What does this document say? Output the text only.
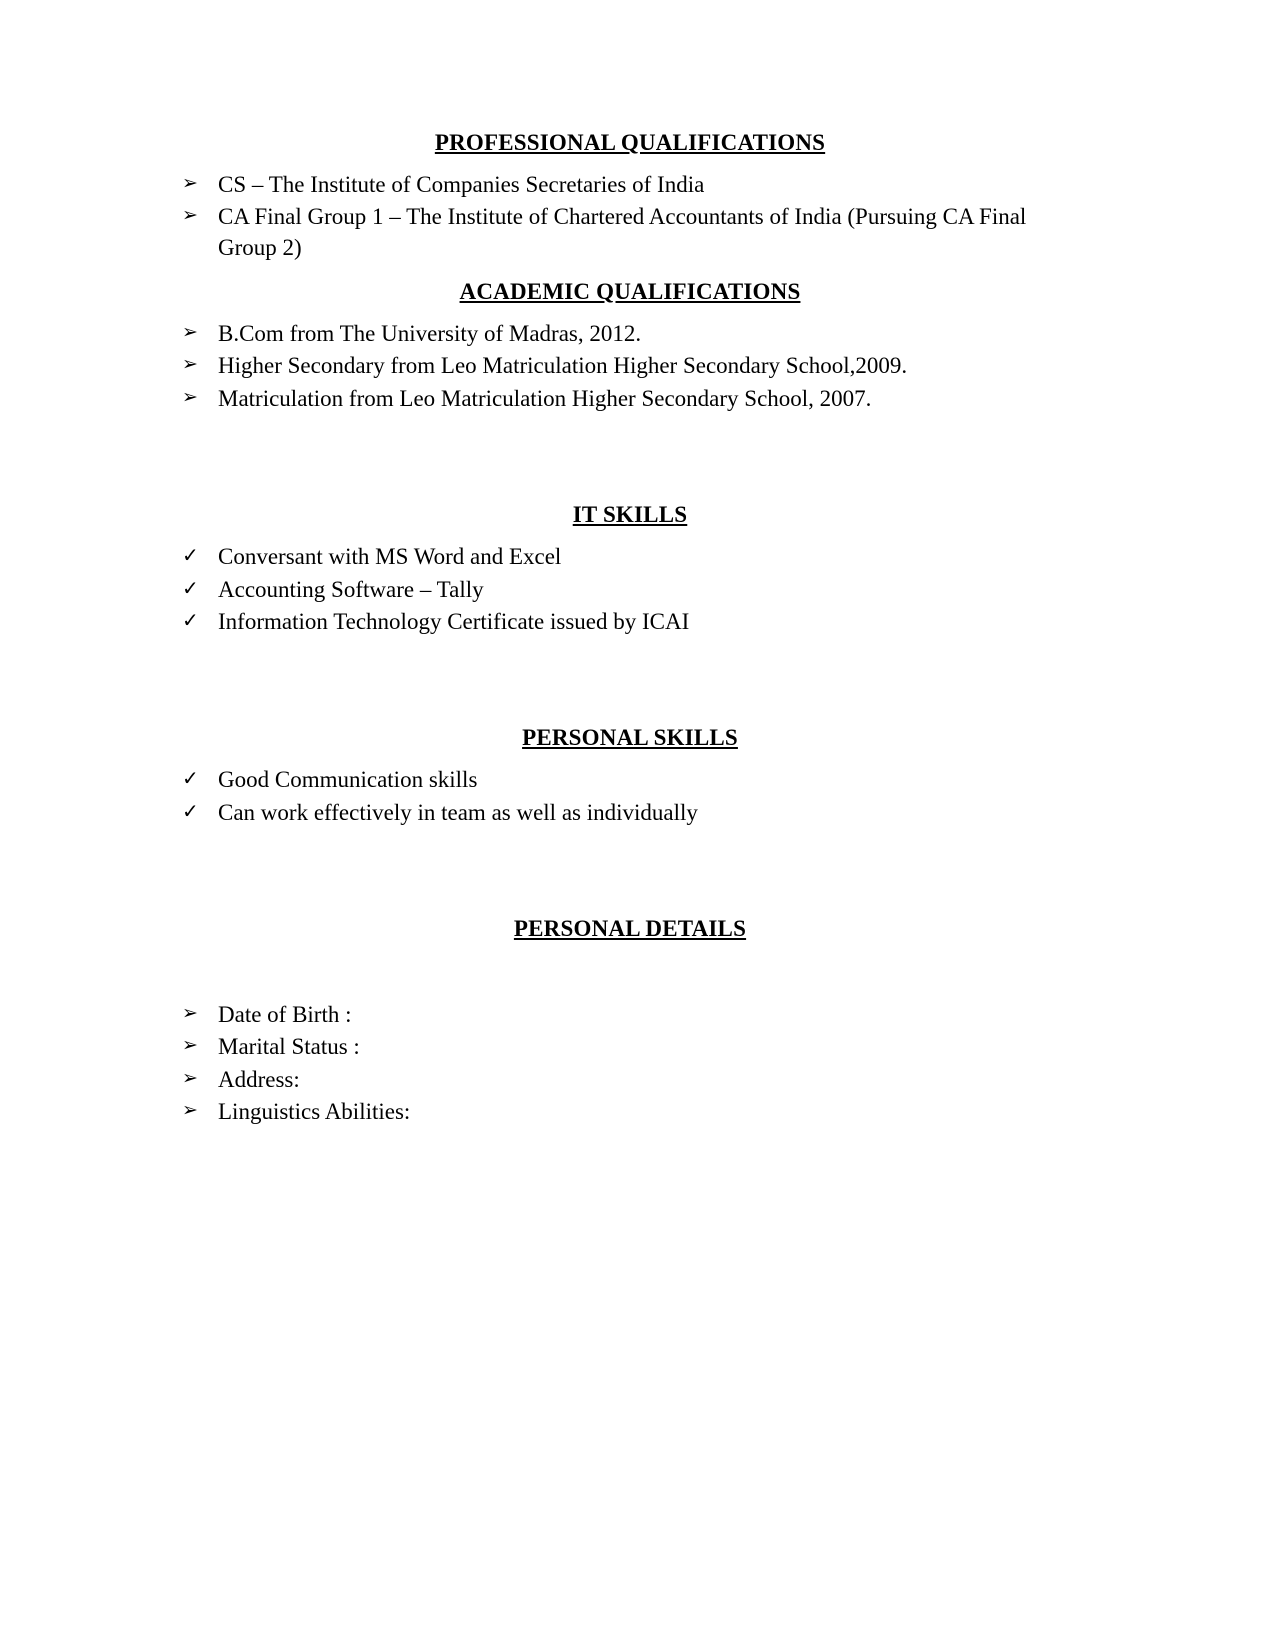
PROFESSIONAL QUALIFICATIONS
➢ CS – The Institute of Companies Secretaries of India
➢ CA Final Group 1 – The Institute of Chartered Accountants of India (Pursuing CA Final Group 2)
ACADEMIC QUALIFICATIONS
➢ B.Com from The University of Madras, 2012.
➢ Higher Secondary from Leo Matriculation Higher Secondary School,2009.
➢ Matriculation from Leo Matriculation Higher Secondary School, 2007.
IT SKILLS
✓ Conversant with MS Word and Excel
✓ Accounting Software – Tally
✓ Information Technology Certificate issued by ICAI
PERSONAL SKILLS
✓ Good Communication skills
✓ Can work effectively in team as well as individually
PERSONAL DETAILS
➢ Date of Birth :
➢ Marital Status :
➢ Address:
➢ Linguistics Abilities:
